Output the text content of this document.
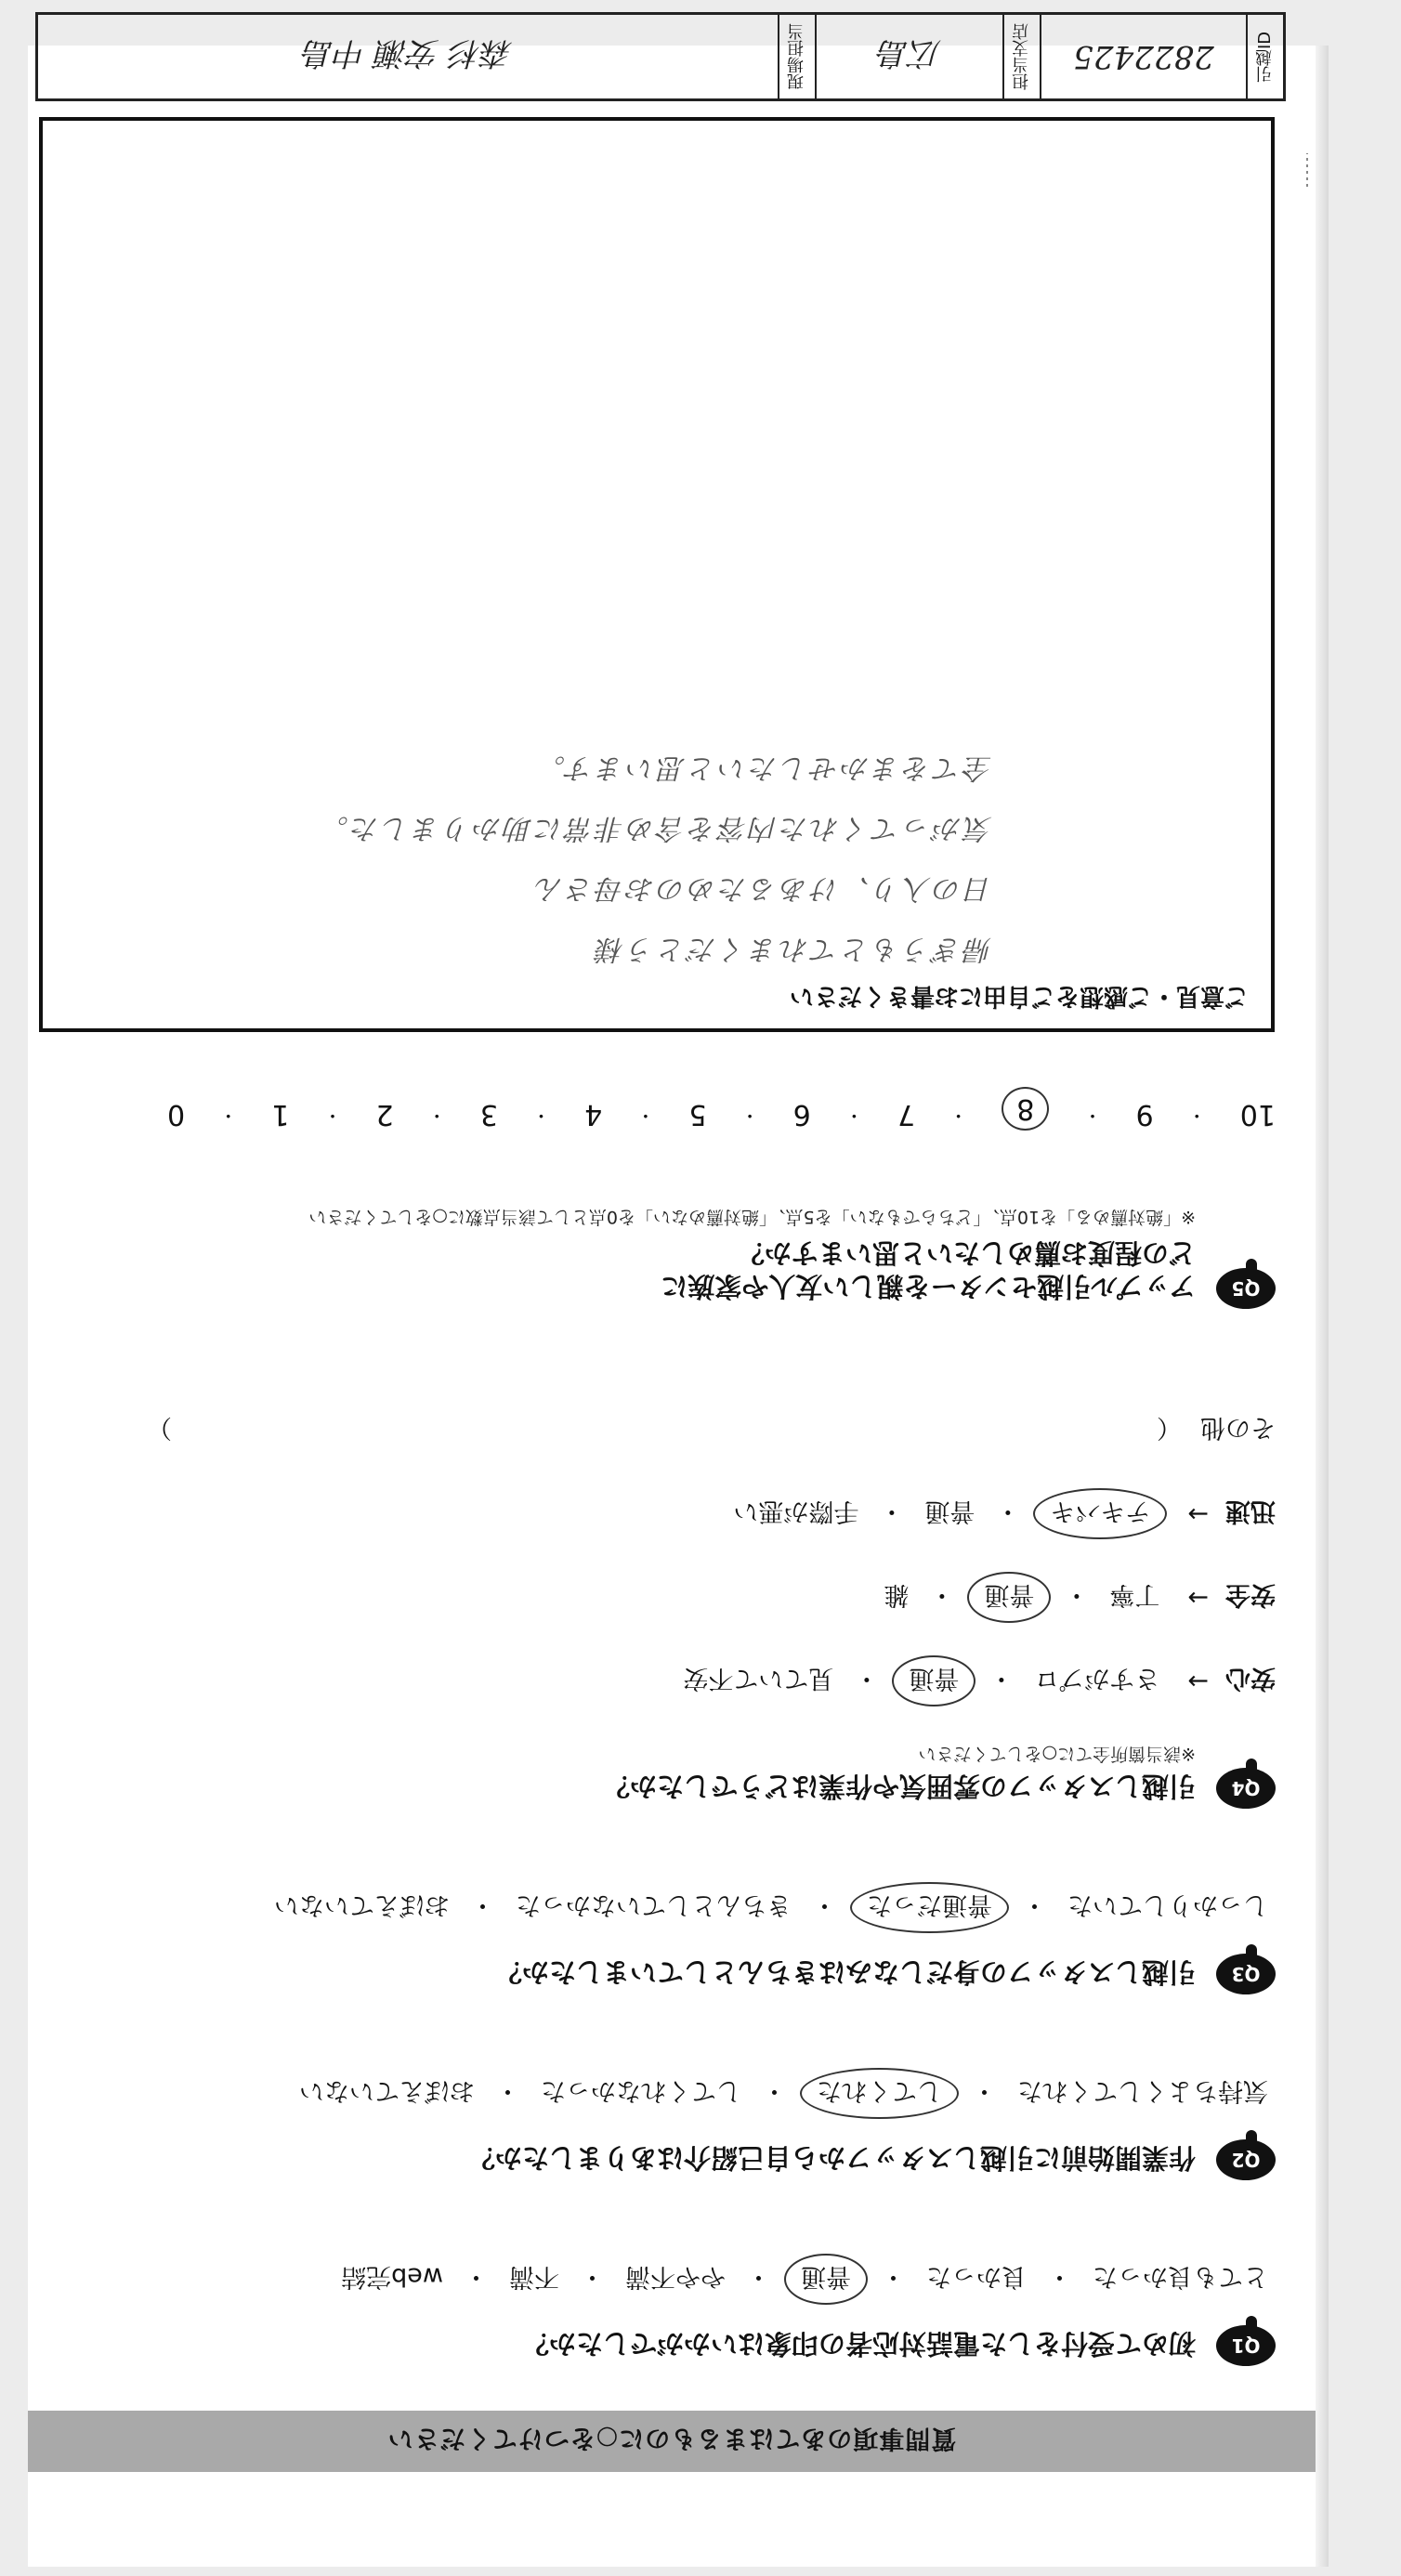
質問事項のあてはまるものに○をつけてください
Q1
初めて受付をした電話対応者の印象はいかがでしたか？
とても良かった
・
良かった
・
普通
・
やや不満
・
不満
・
web完結
Q2
作業開始前に引越しスタッフから自己紹介はありましたか？
気持ちよくしてくれた
・
してくれた
・
してくれなかった
・
おぼえていない
Q3
引越しスタッフの身だしなみはきちんとしていましたか？
しっかりしていた
・
普通だった
・
きちんとしていなかった
・
おぼえていない
Q4
引越しスタッフの雰囲気や作業はどうでしたか？
※該当箇所全てに○をしてください
安心
→
さすがプロ
・
普通
・
見ていて不安
安全
→
丁寧
・
普通
・
雑
迅速
→
テキパキ
・
普通
・
手際が悪い
その他
（
）
Q5
アップル引越センターを親しい友人や家族に
どの程度お薦めしたいと思いますか？
※「絶対薦める」を10点、「どちらでもない」を5点、「絶対薦めない」を0点として該当点数に○をしてください
10
・
9
・
8
・
7
・
6
・
5
・
4
・
3
・
2
・
1
・
0
ご意見・ご感想をご自由にお書きください
帰ぎうもとてれまくだとう様
日の入り、けあるためのお母さん
気がってくれた内容を含め非常に助かりました。
全てをまかせしたいと思います。
引越ID
2822425
担当支店
広島
現場担当
森杉 安瀬 中島
